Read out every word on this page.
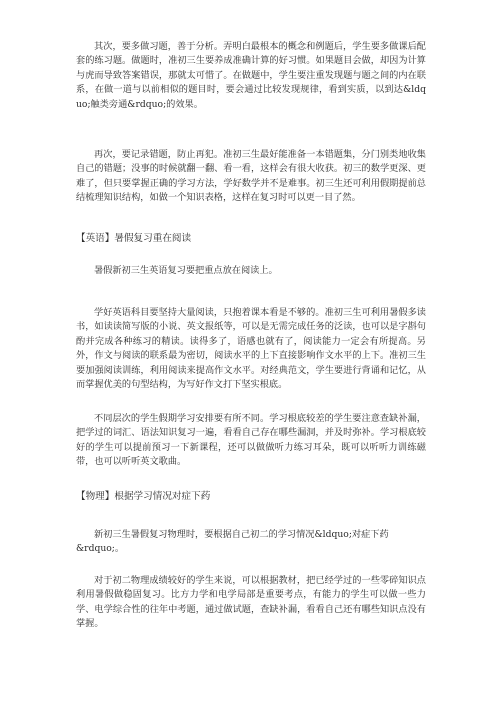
其次，要多做习题，善于分析。弄明白最根本的概念和例题后，学生要多做课后配套的练习题。做题时，准初三生要养成准确计算的好习惯。如果题目会做，却因为计算与虎而导致答案错误，那就太可惜了。在做题中，学生要注重发现题与题之间的内在联系，在做一道与以前相似的题目时，要会通过比较发现规律，看到实质，以到达&ldquo;触类旁通&rdquo;的效果。

再次，要记录错题，防止再犯。准初三生最好能准备一本错题集，分门别类地收集自己的错题；没事的时候就翻一翻、看一看，这样会有很大收获。初三的数学更深、更难了，但只要掌握正确的学习方法，学好数学并不是难事。初三生还可利用假期提前总结梳理知识结构，如做一个知识表格，这样在复习时可以更一目了然。

【英语】暑假复习重在阅读

暑假新初三生英语复习要把重点放在阅读上。

学好英语科目要坚持大量阅读，只抱着课本看是不够的。准初三生可利用暑假多读书，如读读简写版的小说、英文报纸等，可以是无需完成任务的泛读，也可以是字斟句酌并完成各种练习的精读。读得多了，语感也就有了，阅读能力一定会有所提高。另外，作文与阅读的联系最为密切，阅读水平的上下直接影响作文水平的上下。准初三生要加强阅读训练，利用阅读来提高作文水平。对经典范文，学生要进行背诵和记忆，从而掌握优美的句型结构，为写好作文打下坚实根底。

不同层次的学生假期学习安排要有所不同。学习根底较差的学生要注意查缺补漏，把学过的词汇、语法知识复习一遍，看看自己存在哪些漏洞，并及时弥补。学习根底较好的学生可以提前预习一下新课程，还可以做做听力练习耳朵，既可以听听力训练磁带，也可以听听英文歌曲。

【物理】根据学习情况对症下药

新初三生暑假复习物理时，要根据自己初二的学习情况&ldquo;对症下药&rdquo;。

对于初二物理成绩较好的学生来说，可以根据教材，把已经学过的一些零碎知识点利用暑假做稳固复习。比方力学和电学局部是重要考点，有能力的学生可以做一些力学、电学综合性的往年中考题，通过做试题，查缺补漏，看看自己还有哪些知识点没有掌握。
